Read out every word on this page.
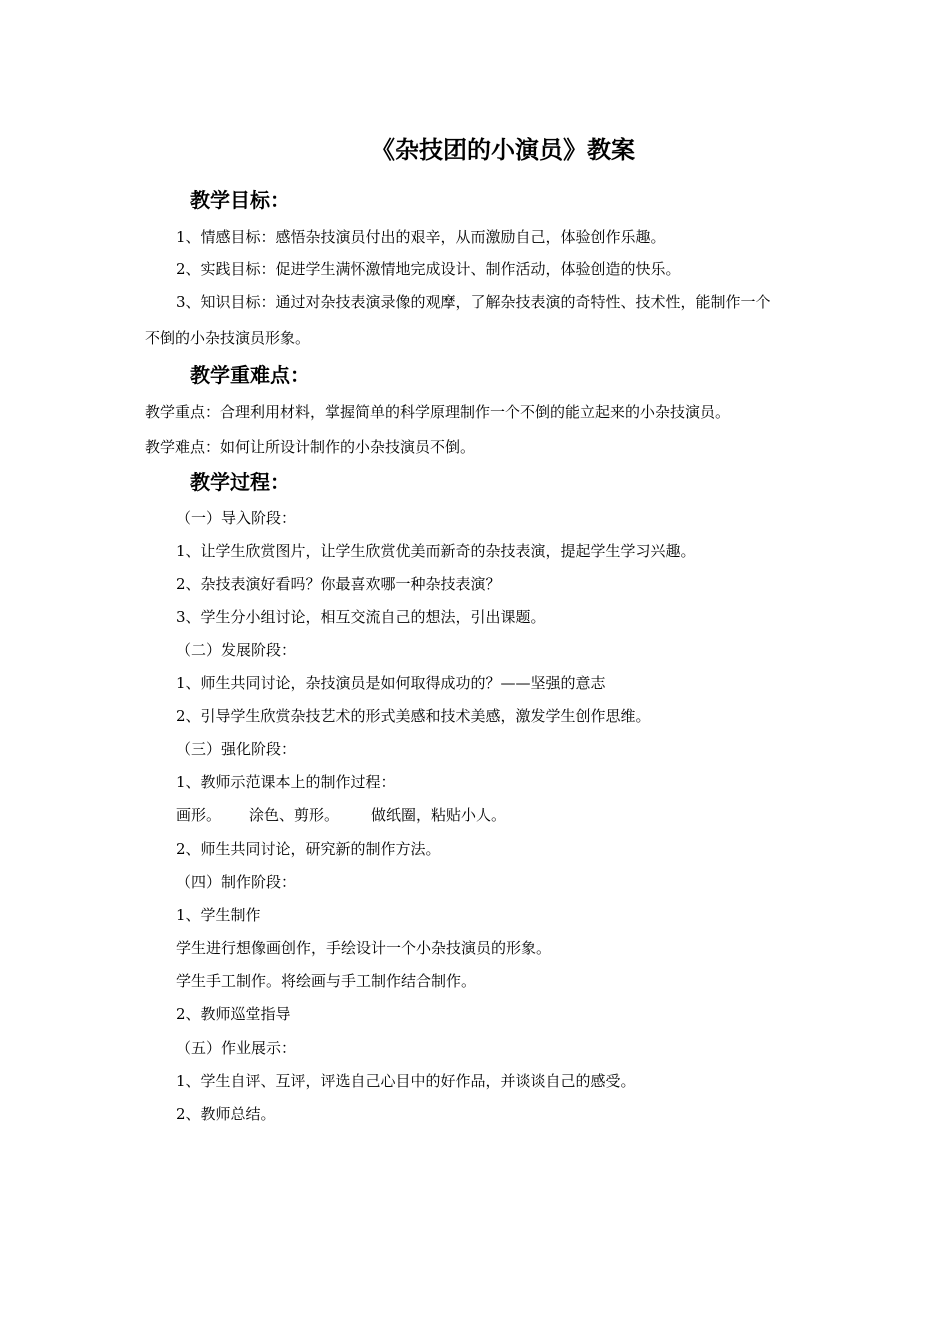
《杂技团的小演员》教案
教学目标：
1、情感目标：感悟杂技演员付出的艰辛，从而激励自己，体验创作乐趣。
2、实践目标：促进学生满怀激情地完成设计、制作活动，体验创造的快乐。
3、知识目标：通过对杂技表演录像的观摩，了解杂技表演的奇特性、技术性，能制作一个
不倒的小杂技演员形象。
教学重难点：
教学重点：合理利用材料，掌握简单的科学原理制作一个不倒的能立起来的小杂技演员。
教学难点：如何让所设计制作的小杂技演员不倒。
教学过程：
（一）导入阶段：
1、让学生欣赏图片，让学生欣赏优美而新奇的杂技表演，提起学生学习兴趣。
2、杂技表演好看吗？你最喜欢哪一种杂技表演？
3、学生分小组讨论，相互交流自己的想法，引出课题。
（二）发展阶段：
1、师生共同讨论，杂技演员是如何取得成功的？——坚强的意志
2、引导学生欣赏杂技艺术的形式美感和技术美感，激发学生创作思维。
（三）强化阶段：
1、教师示范课本上的制作过程：
画形。 涂色、剪形。 做纸圈，粘贴小人。
2、师生共同讨论，研究新的制作方法。
（四）制作阶段：
1、学生制作
学生进行想像画创作，手绘设计一个小杂技演员的形象。
学生手工制作。将绘画与手工制作结合制作。
2、教师巡堂指导
（五）作业展示：
1、学生自评、互评，评选自己心目中的好作品，并谈谈自己的感受。
2、教师总结。
